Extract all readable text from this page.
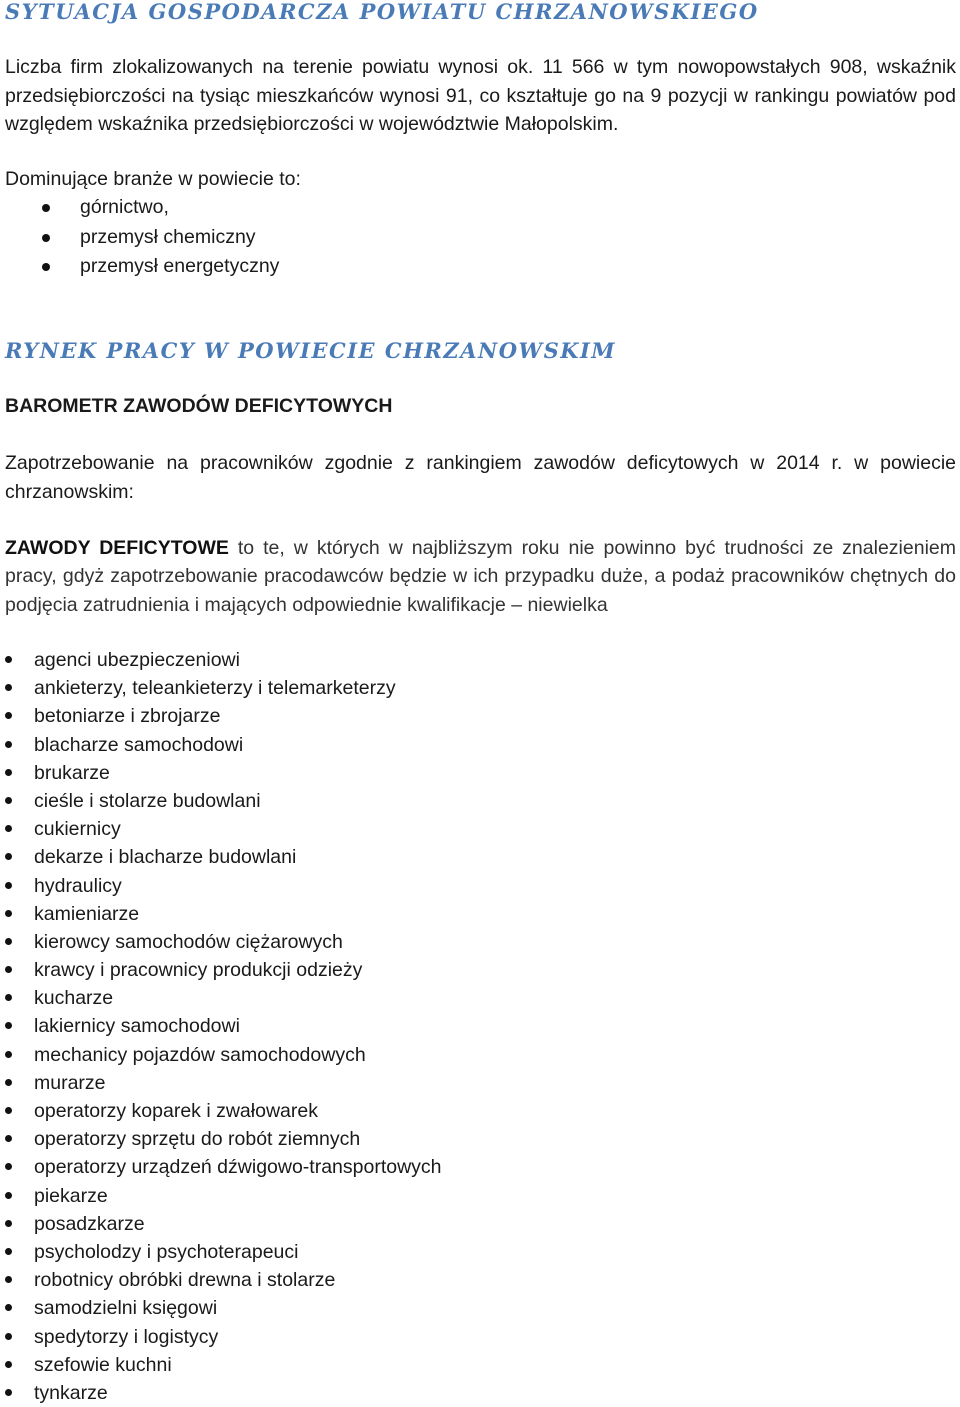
SYTUACJA GOSPODARCZA POWIATU CHRZANOWSKIEGO

Liczba firm zlokalizowanych na terenie powiatu wynosi ok. 11 566 w tym nowopowstałych 908, wskaźnik przedsiębiorczości na tysiąc mieszkańców wynosi 91, co kształtuje go na 9 pozycji w rankingu powiatów pod względem wskaźnika przedsiębiorczości w województwie Małopolskim.

Dominujące branże w powiecie to:

górnictwo,
przemysł chemiczny
przemysł energetyczny
RYNEK PRACY W POWIECIE CHRZANOWSKIM

BAROMETR ZAWODÓW DEFICYTOWYCH

Zapotrzebowanie na pracowników zgodnie z rankingiem zawodów deficytowych w 2014 r. w powiecie chrzanowskim:

ZAWODY DEFICYTOWE to te, w których w najbliższym roku nie powinno być trudności ze znalezieniem pracy, gdyż zapotrzebowanie pracodawców będzie w ich przypadku duże, a podaż pracowników chętnych do podjęcia zatrudnienia i mających odpowiednie kwalifikacje – niewielka

agenci ubezpieczeniowi
ankieterzy, teleankieterzy i telemarketerzy
betoniarze i zbrojarze
blacharze samochodowi
brukarze
cieśle i stolarze budowlani
cukiernicy
dekarze i blacharze budowlani
hydraulicy
kamieniarze
kierowcy samochodów ciężarowych
krawcy i pracownicy produkcji odzieży
kucharze
lakiernicy samochodowi
mechanicy pojazdów samochodowych
murarze
operatorzy koparek i zwałowarek
operatorzy sprzętu do robót ziemnych
operatorzy urządzeń dźwigowo-transportowych
piekarze
posadzkarze
psycholodzy i psychoterapeuci
robotnicy obróbki drewna i stolarze
samodzielni księgowi
spedytorzy i logistycy
szefowie kuchni
tynkarze
